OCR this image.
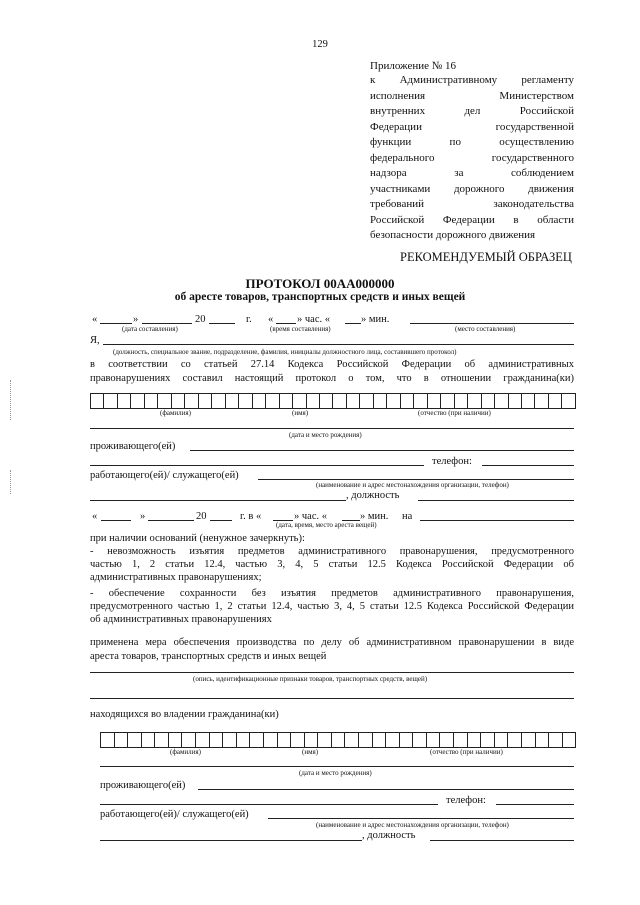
129
Приложение № 16
к Административному регламенту
исполнения Министерством
внутренних дел Российской
Федерации государственной
функции по осуществлению
федерального государственного
надзора за соблюдением
участниками дорожного движения
требований законодательства
Российской Федерации в области
безопасности дорожного движения
РЕКОМЕНДУЕМЫЙ ОБРАЗЕЦ
ПРОТОКОЛ 00АА000000
об аресте товаров, транспортных средств и иных вещей
«	»	20	г. « » час. «	» мин.
(дата составления)	(время составления)	(место составления)
Я,
(должность, специальное звание, подразделение, фамилия, инициалы должностного лица, составившего протокол)
в соответствии со статьей 27.14 Кодекса Российской Федерации об административных
правонарушениях составил настоящий протокол о том, что в отношении гражданина(ки)
(фамилия)	(имя)	(отчество (при наличии)
(дата и место рождения)
проживающего(ей)
телефон:
работающего(ей)/ служащего(ей)
(наименование и адрес местонахождения организации, телефон)
, должность
«	»	20	г. в «	» час. «	» мин. на
(дата, время, место ареста вещей)
при наличии оснований (ненужное зачеркнуть):
- невозможность изъятия предметов административного правонарушения, предусмотренного
частью 1, 2 статьи 12.4, частью 3, 4, 5 статьи 12.5 Кодекса Российской Федерации об
административных правонарушениях;
- обеспечение сохранности без изъятия предметов административного правонарушения,
предусмотренного частью 1, 2 статьи 12.4, частью 3, 4, 5 статьи 12.5 Кодекса Российской Федерации
об административных правонарушениях
применена мера обеспечения производства по делу об административном правонарушении в виде
ареста товаров, транспортных средств и иных вещей
(опись, идентификационные признаки товаров, транспортных средств, вещей)
находящихся во владении гражданина(ки)
(фамилия)	(имя)	(отчество (при наличии)
(дата и место рождения)
проживающего(ей)
телефон:
работающего(ей)/ служащего(ей)
(наименование и адрес местонахождения организации, телефон)
, должность
